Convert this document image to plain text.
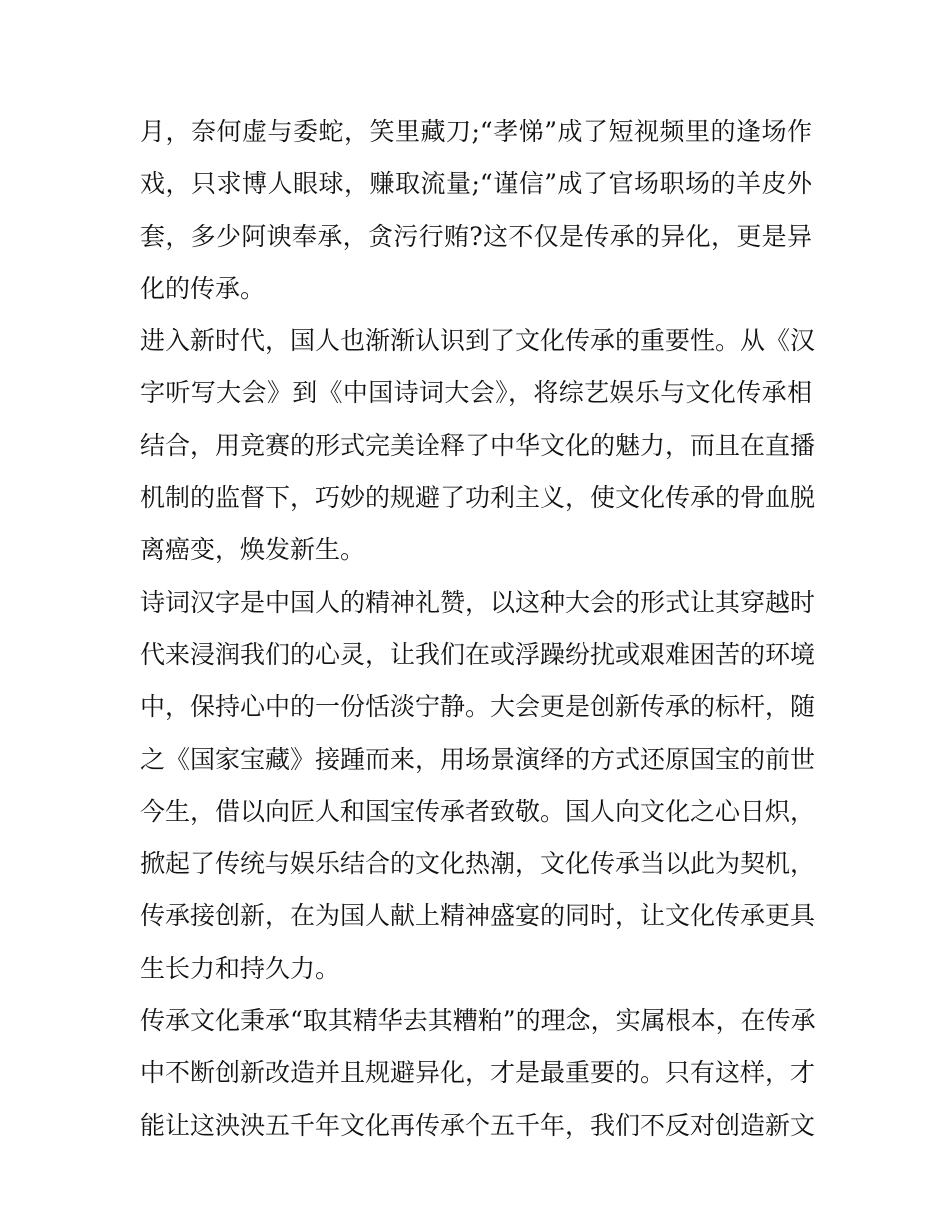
月，奈何虚与委蛇，笑里藏刀;“孝悌”成了短视频里的逢场作
戏，只求博人眼球，赚取流量;“谨信”成了官场职场的羊皮外
套，多少阿谀奉承，贪污行贿?这不仅是传承的异化，更是异
化的传承。
进入新时代，国人也渐渐认识到了文化传承的重要性。从《汉
字听写大会》到《中国诗词大会》，将综艺娱乐与文化传承相
结合，用竞赛的形式完美诠释了中华文化的魅力，而且在直播
机制的监督下，巧妙的规避了功利主义，使文化传承的骨血脱
离癌变，焕发新生。
诗词汉字是中国人的精神礼赞，以这种大会的形式让其穿越时
代来浸润我们的心灵，让我们在或浮躁纷扰或艰难困苦的环境
中，保持心中的一份恬淡宁静。大会更是创新传承的标杆，随
之《国家宝藏》接踵而来，用场景演绎的方式还原国宝的前世
今生，借以向匠人和国宝传承者致敬。国人向文化之心日炽，
掀起了传统与娱乐结合的文化热潮，文化传承当以此为契机，
传承接创新，在为国人献上精神盛宴的同时，让文化传承更具
生长力和持久力。
传承文化秉承“取其精华去其糟粕”的理念，实属根本，在传承
中不断创新改造并且规避异化，才是最重要的。只有这样，才
能让这泱泱五千年文化再传承个五千年，我们不反对创造新文
